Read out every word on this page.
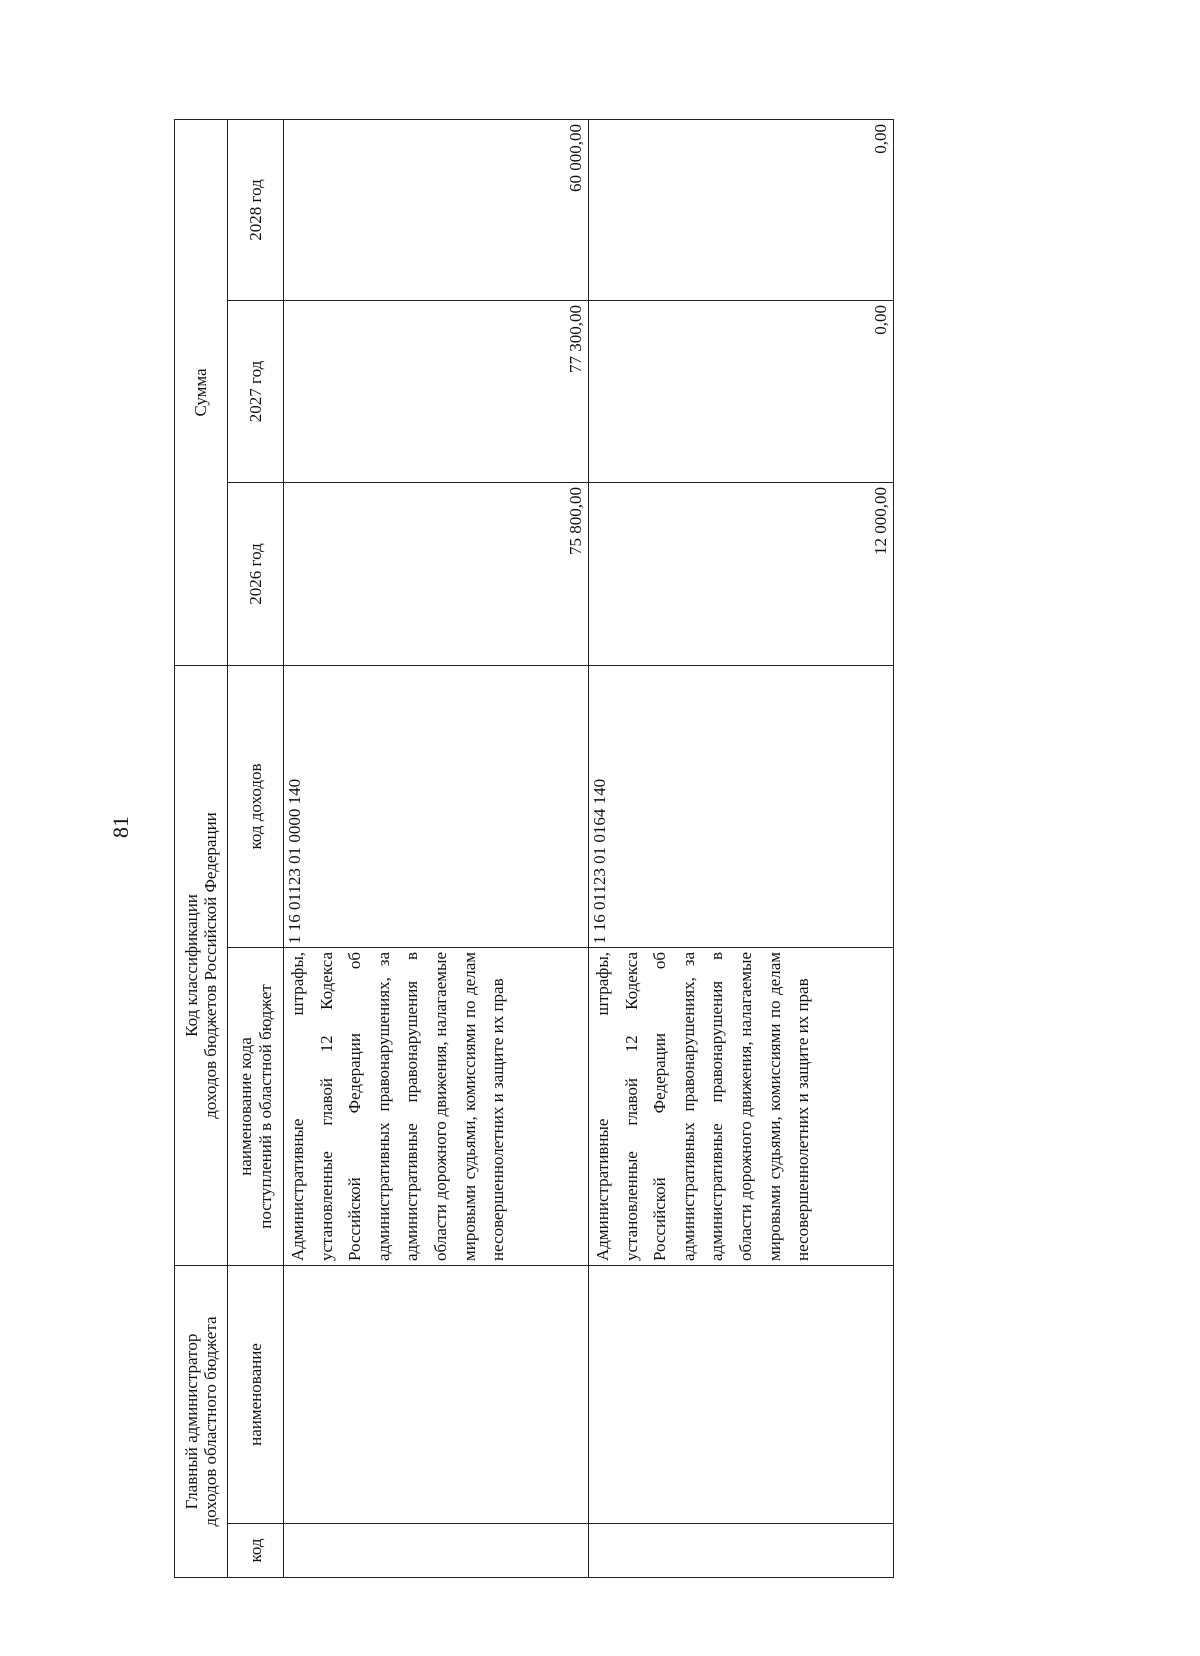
81
Главный администратор
доходов областного бюджета		Код классификации
доходов бюджетов Российской Федерации		Сумма		
код	наименование	наименование кода
поступлений в областной бюджет	код доходов	2026 год	2027 год	2028 год
		Административные штрафы, установленные главой 12 Кодекса Российской Федерации об административных правонарушениях, за административные правонарушения в области дорожного движения, налагаемые мировыми судьями, комиссиями по делам несовершеннолетних и защите их прав	1 16 01123 01 0000 140	75 800,00	77 300,00	60 000,00
		Административные штрафы, установленные главой 12 Кодекса Российской Федерации об административных правонарушениях, за административные правонарушения в области дорожного движения, налагаемые мировыми судьями, комиссиями по делам несовершеннолетних и защите их прав	1 16 01123 01 0164 140	12 000,00	0,00	0,00
